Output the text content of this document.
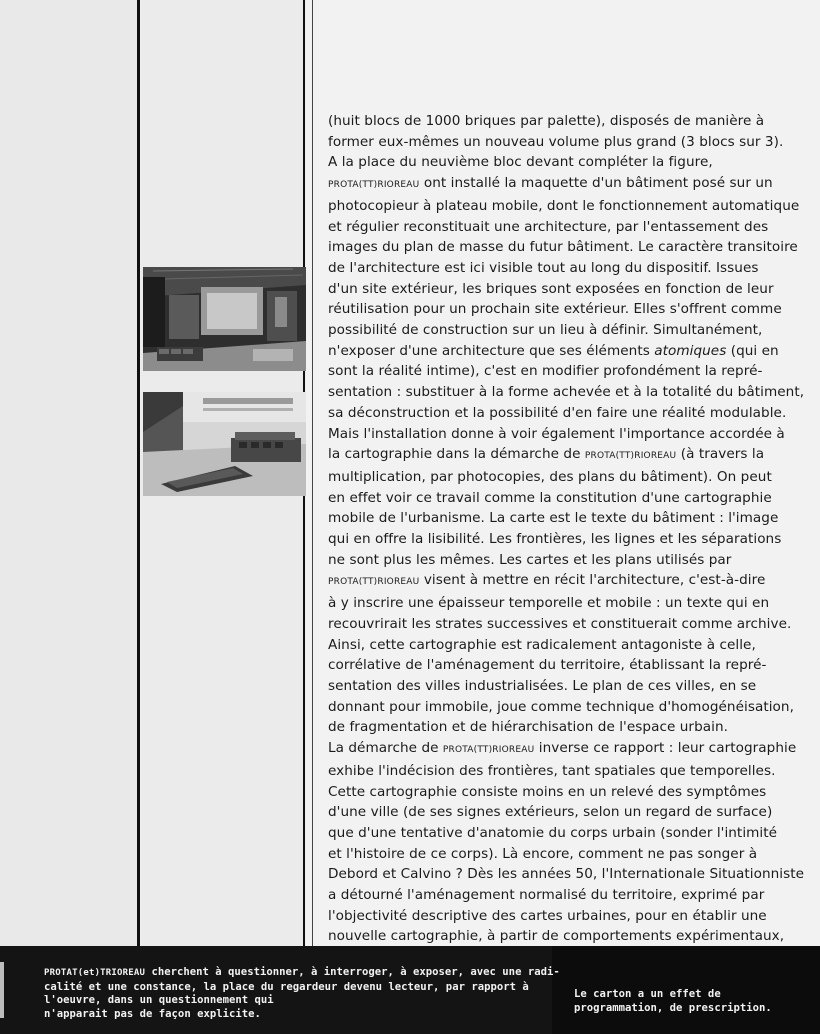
(huit blocs de 1000 briques par palette), disposés de manière à

former eux-mêmes un nouveau volume plus grand (3 blocs sur 3).

A la place du neuvième bloc devant compléter la figure,

PROTA(TT)RIOREAU ont installé la maquette d'un bâtiment posé sur un

photocopieur à plateau mobile, dont le fonctionnement automatique

et régulier reconstituait une architecture, par l'entassement des

images du plan de masse du futur bâtiment. Le caractère transitoire

de l'architecture est ici visible tout au long du dispositif. Issues

d'un site extérieur, les briques sont exposées en fonction de leur

réutilisation pour un prochain site extérieur. Elles s'offrent comme

possibilité de construction sur un lieu à définir. Simultanément,

n'exposer d'une architecture que ses éléments atomiques (qui en

sont la réalité intime), c'est en modifier profondément la repré-

sentation : substituer à la forme achevée et à la totalité du bâtiment,

sa déconstruction et la possibilité d'en faire une réalité modulable.

Mais l'installation donne à voir également l'importance accordée à

la cartographie dans la démarche de PROTA(TT)RIOREAU (à travers la

multiplication, par photocopies, des plans du bâtiment). On peut

en effet voir ce travail comme la constitution d'une cartographie

mobile de l'urbanisme. La carte est le texte du bâtiment : l'image

qui en offre la lisibilité. Les frontières, les lignes et les séparations

ne sont plus les mêmes. Les cartes et les plans utilisés par

PROTA(TT)RIOREAU visent à mettre en récit l'architecture, c'est-à-dire

à y inscrire une épaisseur temporelle et mobile : un texte qui en

recouvrirait les strates successives et constituerait comme archive.

Ainsi, cette cartographie est radicalement antagoniste à celle,

corrélative de l'aménagement du territoire, établissant la repré-

sentation des villes industrialisées. Le plan de ces villes, en se

donnant pour immobile, joue comme technique d'homogénéisation,

de fragmentation et de hiérarchisation de l'espace urbain.

La démarche de PROTA(TT)RIOREAU inverse ce rapport : leur cartographie

exhibe l'indécision des frontières, tant spatiales que temporelles.

Cette cartographie consiste moins en un relevé des symptômes

d'une ville (de ses signes extérieurs, selon un regard de surface)

que d'une tentative d'anatomie du corps urbain (sonder l'intimité

et l'histoire de ce corps). Là encore, comment ne pas songer à

Debord et Calvino ? Dès les années 50, l'Internationale Situationniste

a détourné l'aménagement normalisé du territoire, exprimé par

l'objectivité descriptive des cartes urbaines, pour en établir une

nouvelle cartographie, à partir de comportements expérimentaux,

PROTAT(et)TRIOREAU cherchent à questionner, à interroger, à exposer, avec une radi-

calité et une constance, la place du regardeur devenu lecteur, par rapport à

l'oeuvre, dans un questionnement qui

n'apparait pas de façon explicite.

Le carton a un effet de

programmation, de prescription.
